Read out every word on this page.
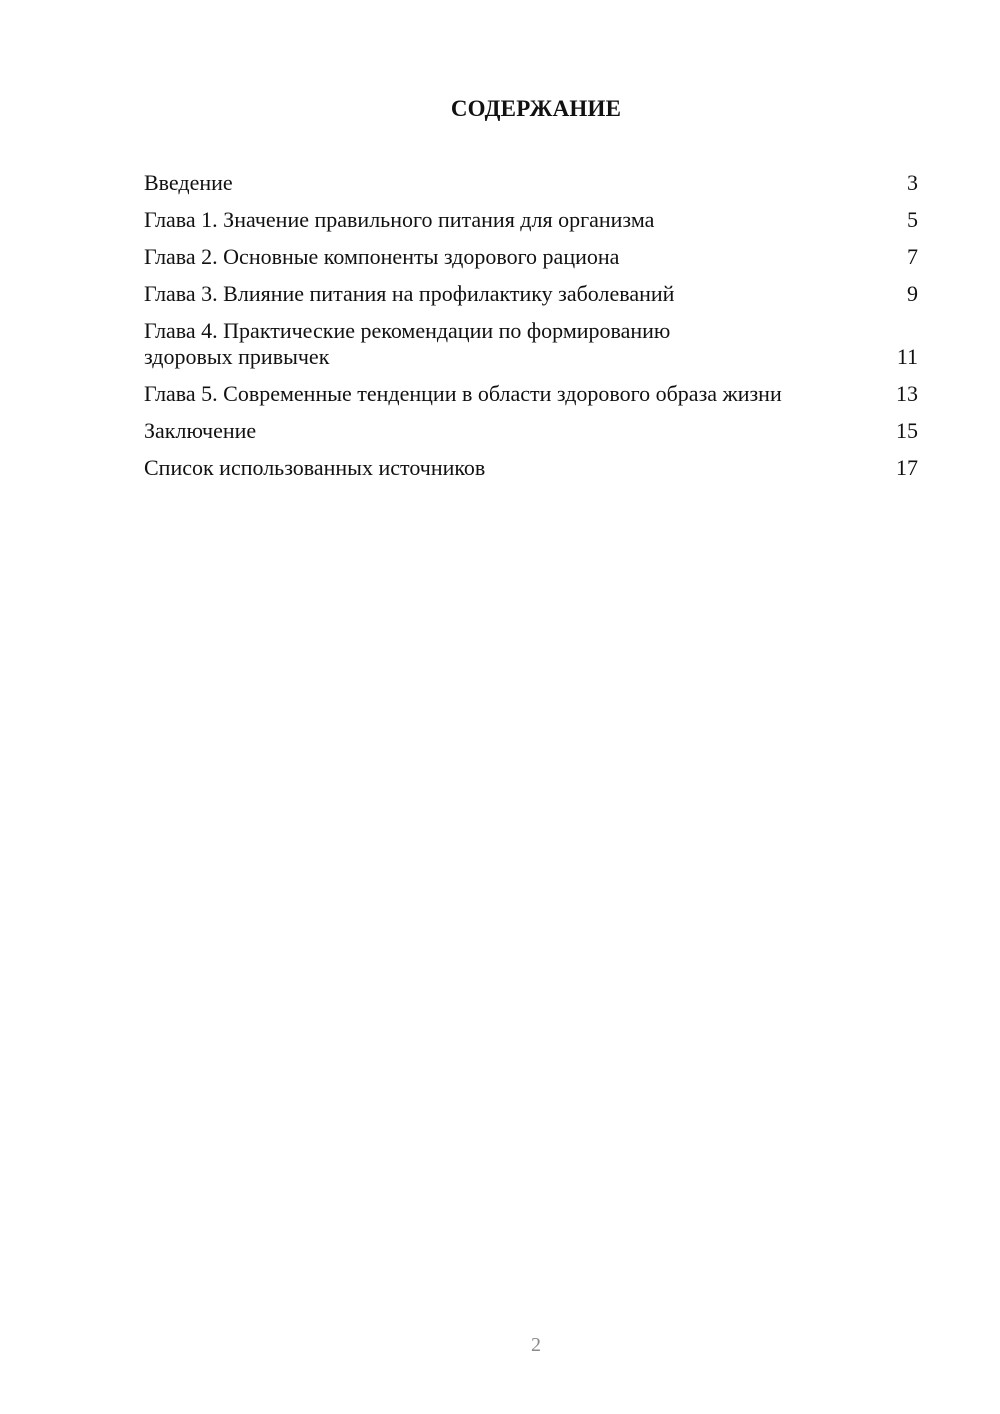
СОДЕРЖАНИЕ
Введение	3
Глава 1. Значение правильного питания для организма	5
Глава 2. Основные компоненты здорового рациона	7
Глава 3. Влияние питания на профилактику заболеваний	9
Глава 4. Практические рекомендации по формированию здоровых привычек	11
Глава 5. Современные тенденции в области здорового образа жизни	13
Заключение	15
Список использованных источников	17
2
